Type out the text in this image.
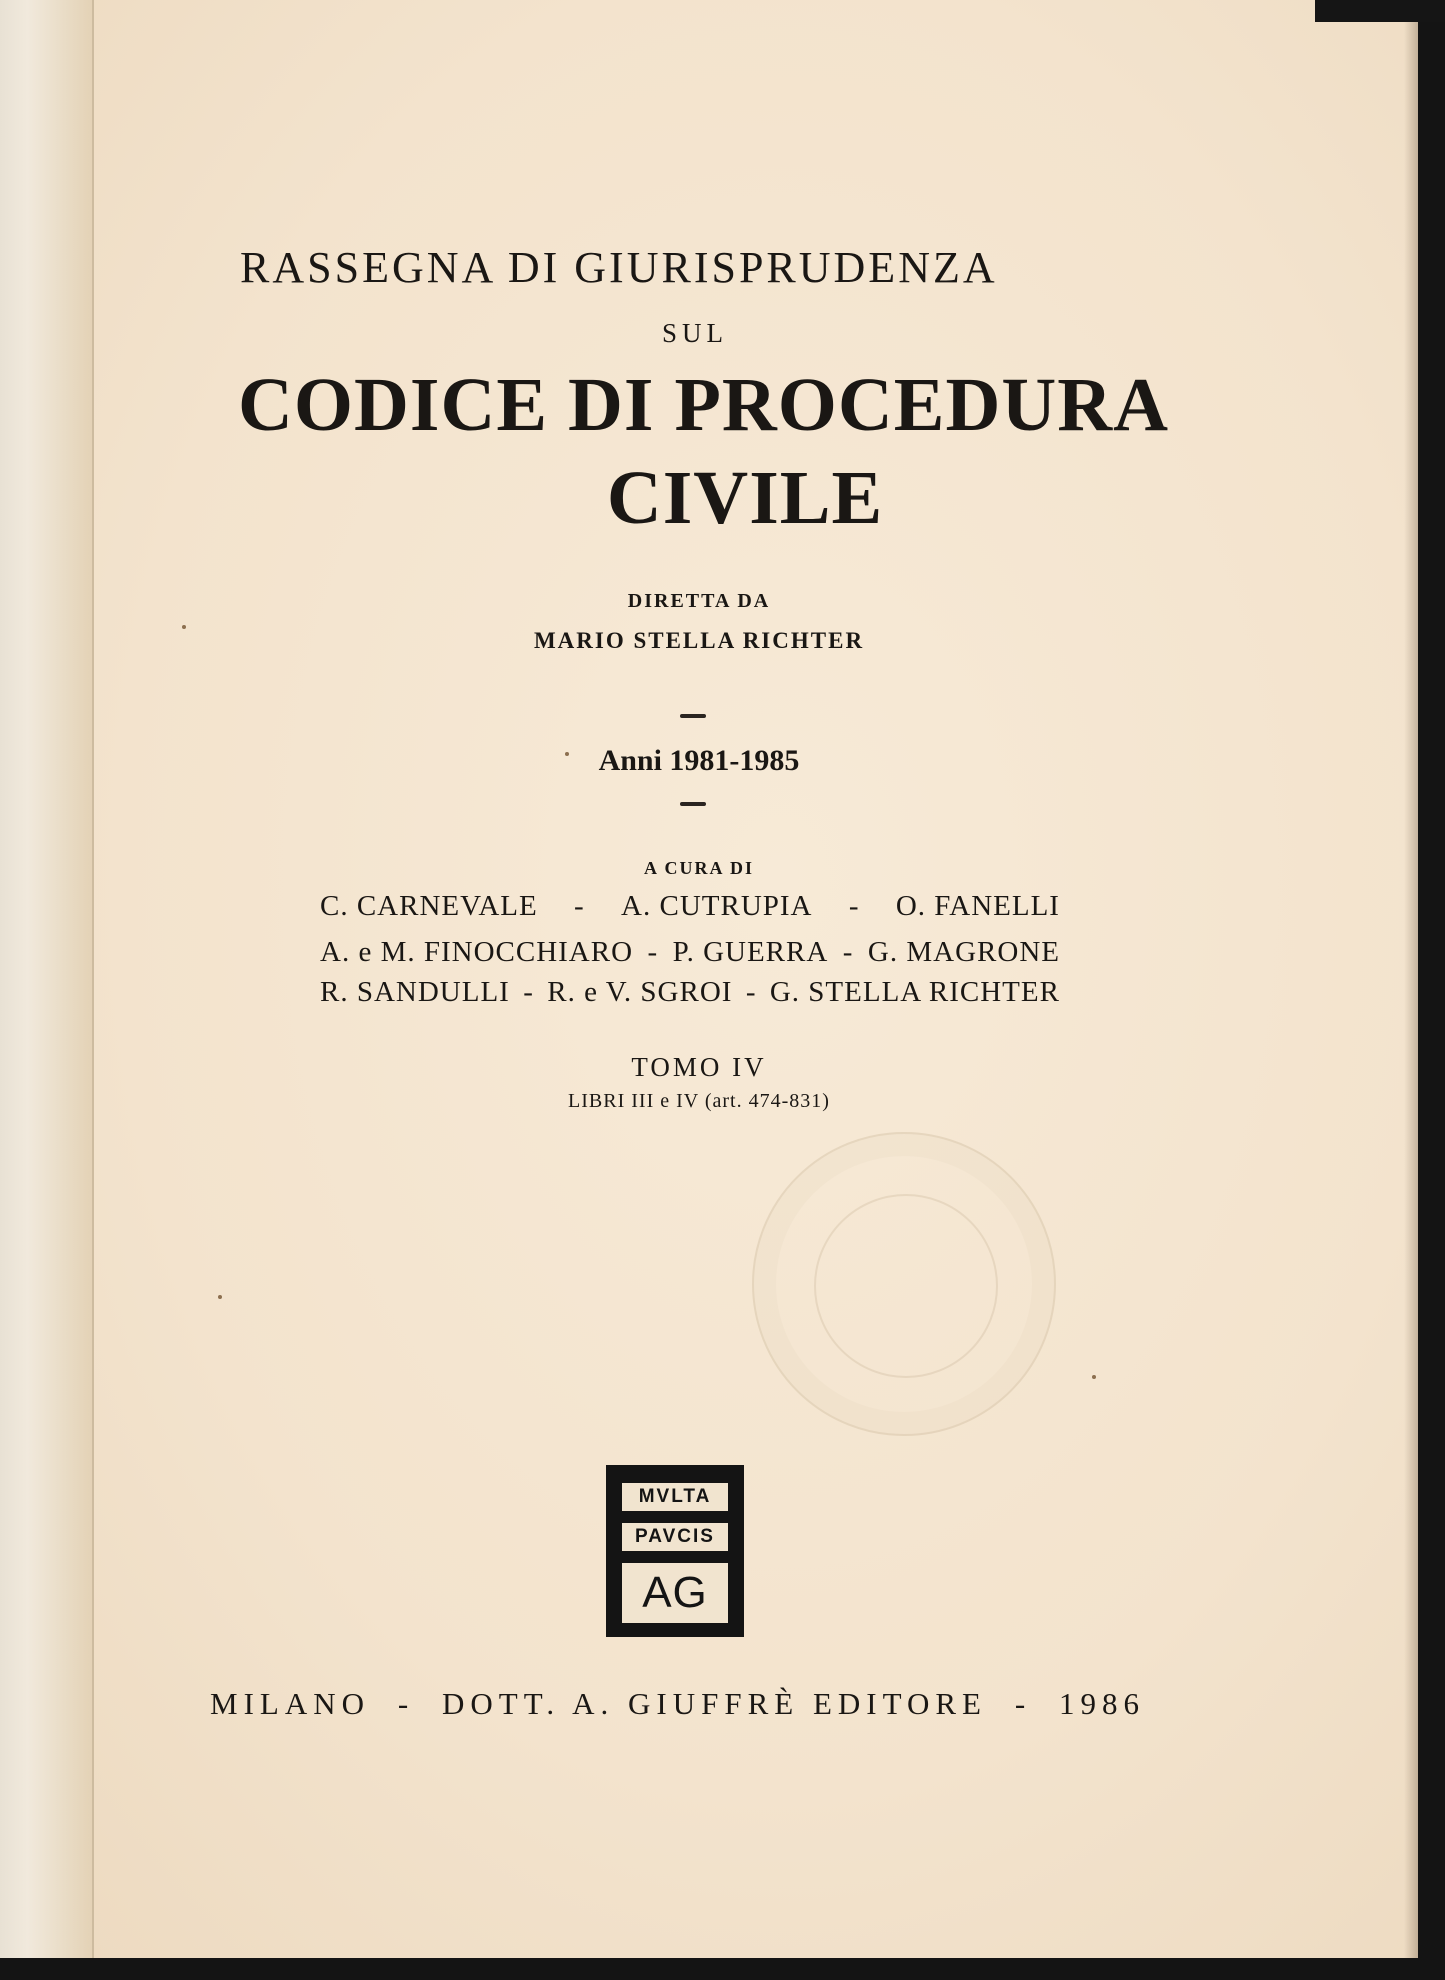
RASSEGNA DI GIURISPRUDENZA
SUL
CODICE DI PROCEDURA
CIVILE
DIRETTA DA
MARIO STELLA RICHTER
Anni 1981-1985
A CURA DI
C. CARNEVALE - A. CUTRUPIA - O. FANELLI
A. e M. FINOCCHIARO - P. GUERRA - G. MAGRONE
R. SANDULLI - R. e V. SGROI - G. STELLA RICHTER
TOMO IV
LIBRI III e IV (art. 474-831)
MVLTA
PAVCIS
AG
MILANO - DOTT. A. GIUFFRÈ EDITORE - 1986
